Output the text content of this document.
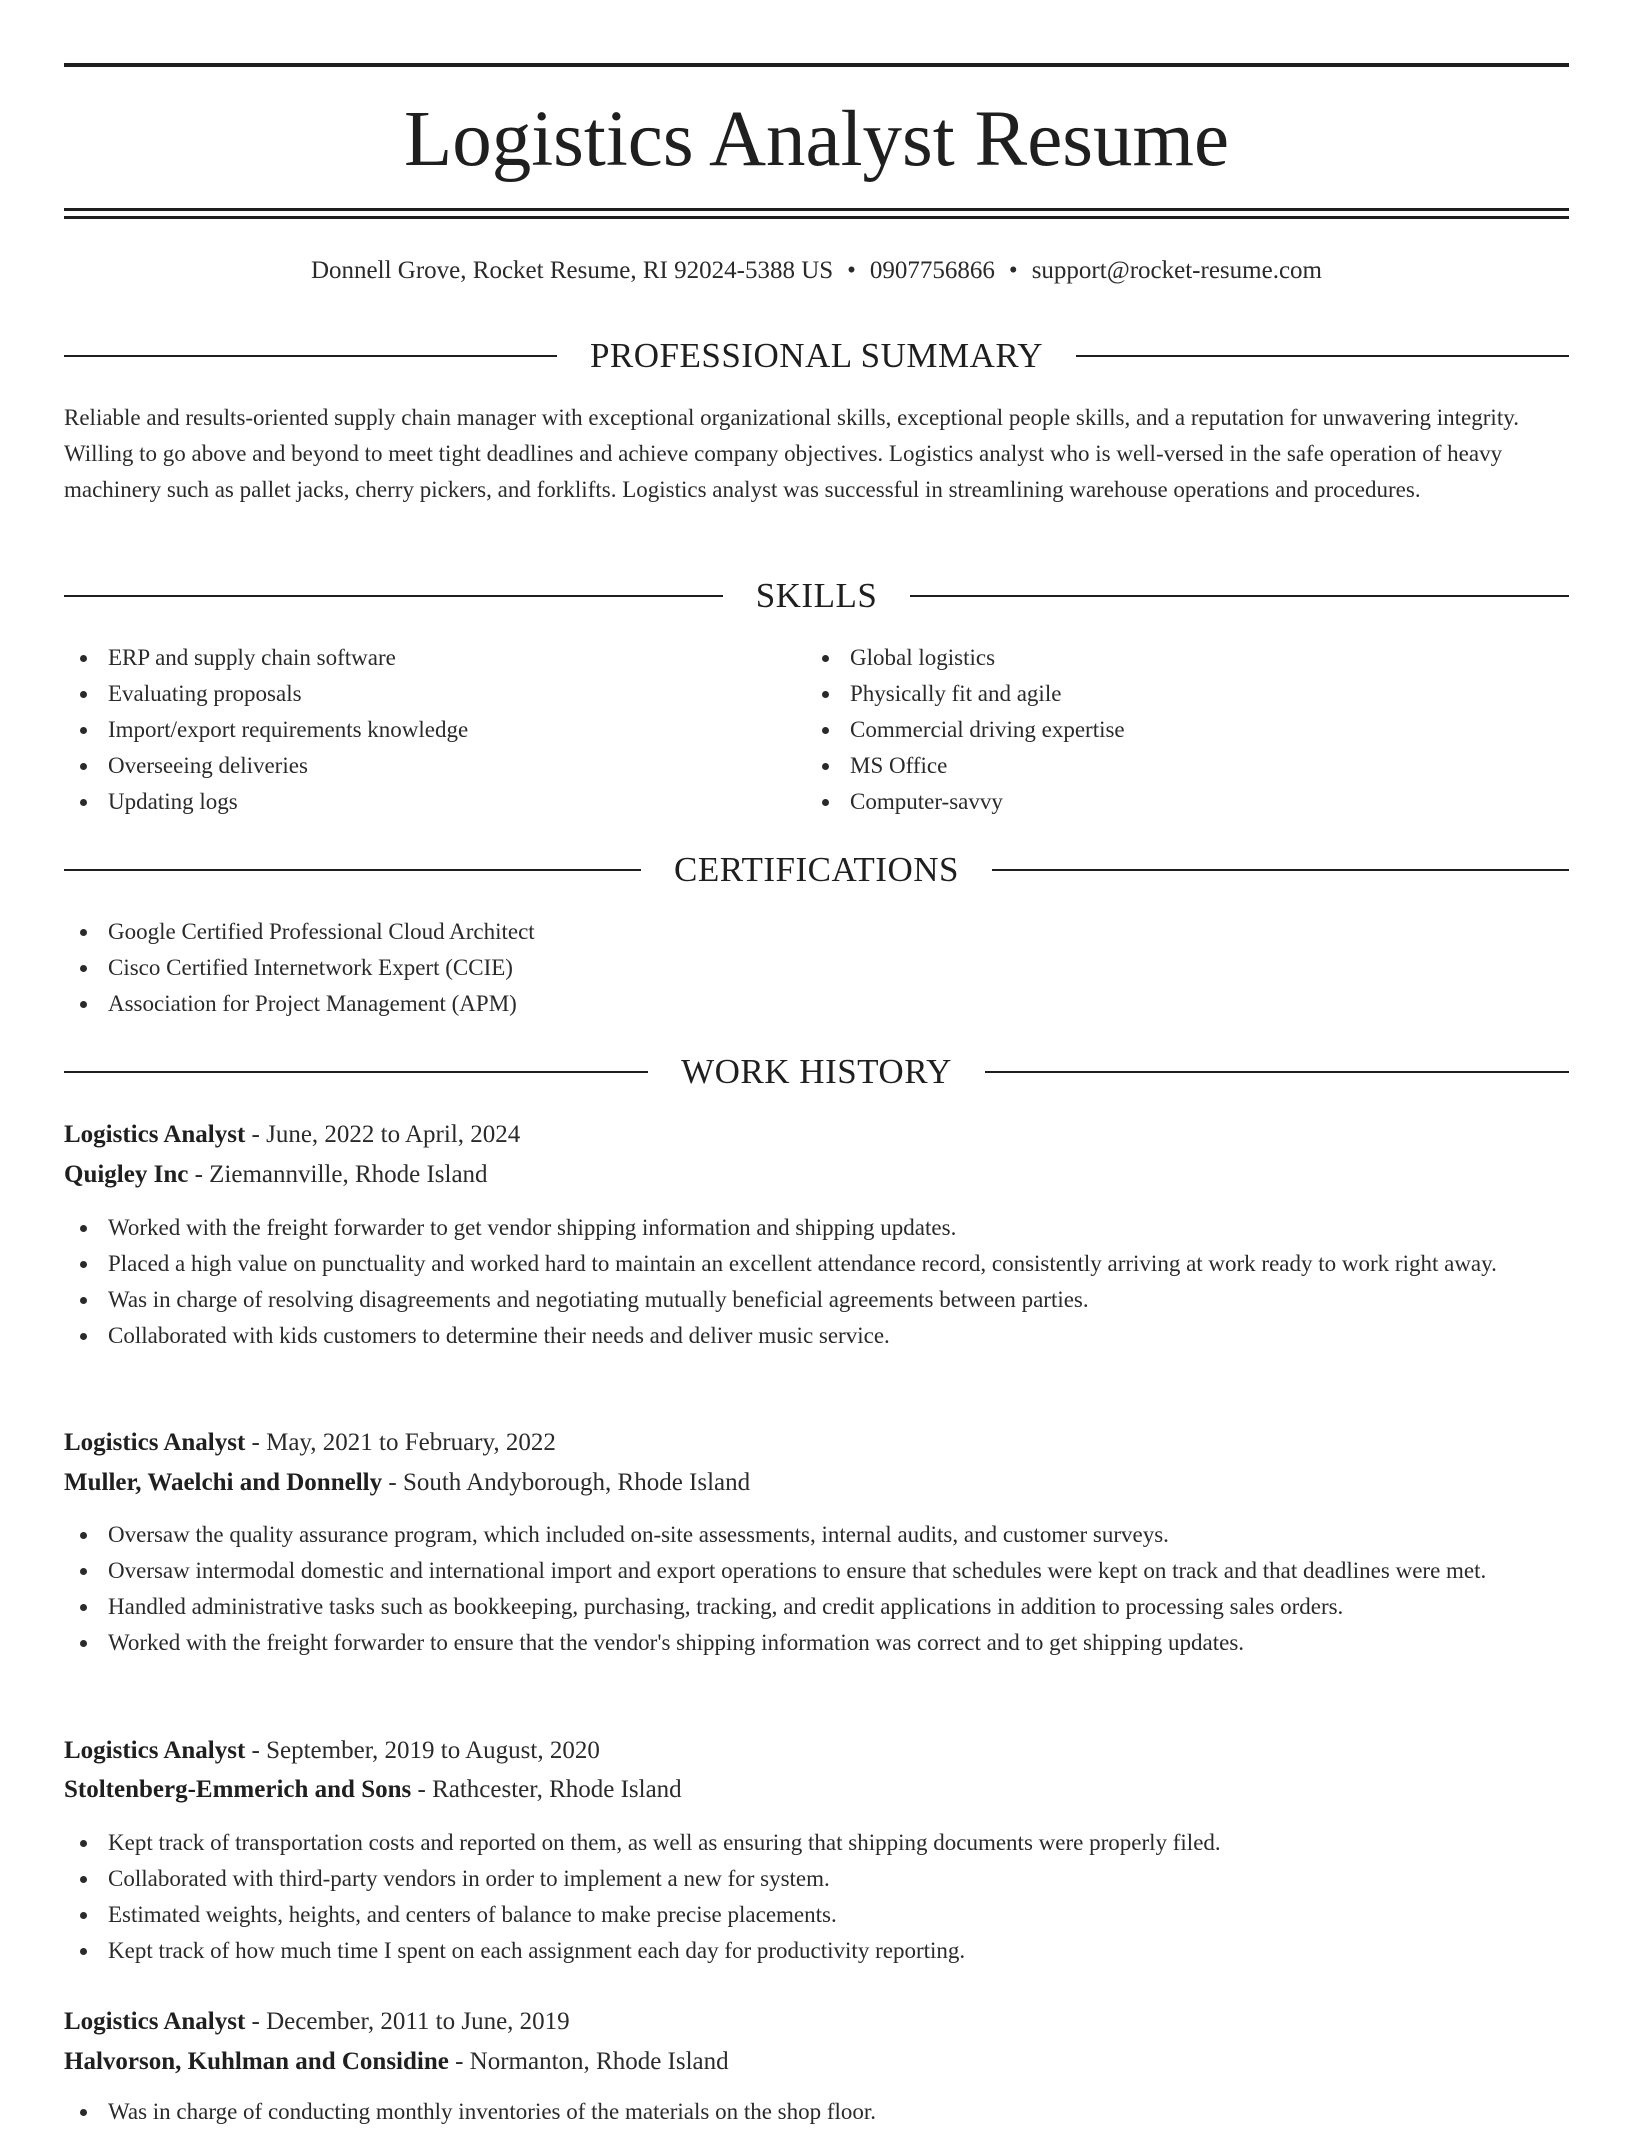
Logistics Analyst Resume
Donnell Grove, Rocket Resume, RI 92024-5388 US • 0907756866 • support@rocket-resume.com
PROFESSIONAL SUMMARY

Reliable and results-oriented supply chain manager with exceptional organizational skills, exceptional people skills, and a reputation for unwavering integrity. Willing to go above and beyond to meet tight deadlines and achieve company objectives. Logistics analyst who is well-versed in the safe operation of heavy machinery such as pallet jacks, cherry pickers, and forklifts. Logistics analyst was successful in streamlining warehouse operations and procedures.

SKILLS
ERP and supply chain software
Evaluating proposals
Import/export requirements knowledge
Overseeing deliveries
Updating logs
Global logistics
Physically fit and agile
Commercial driving expertise
MS Office
Computer-savvy
CERTIFICATIONS
Google Certified Professional Cloud Architect
Cisco Certified Internetwork Expert (CCIE)
Association for Project Management (APM)
WORK HISTORY
Logistics Analyst - June, 2022 to April, 2024
Quigley Inc - Ziemannville, Rhode Island
Worked with the freight forwarder to get vendor shipping information and shipping updates.
Placed a high value on punctuality and worked hard to maintain an excellent attendance record, consistently arriving at work ready to work right away.
Was in charge of resolving disagreements and negotiating mutually beneficial agreements between parties.
Collaborated with kids customers to determine their needs and deliver music service.
Logistics Analyst - May, 2021 to February, 2022
Muller, Waelchi and Donnelly - South Andyborough, Rhode Island
Oversaw the quality assurance program, which included on-site assessments, internal audits, and customer surveys.
Oversaw intermodal domestic and international import and export operations to ensure that schedules were kept on track and that deadlines were met.
Handled administrative tasks such as bookkeeping, purchasing, tracking, and credit applications in addition to processing sales orders.
Worked with the freight forwarder to ensure that the vendor's shipping information was correct and to get shipping updates.
Logistics Analyst - September, 2019 to August, 2020
Stoltenberg-Emmerich and Sons - Rathcester, Rhode Island
Kept track of transportation costs and reported on them, as well as ensuring that shipping documents were properly filed.
Collaborated with third-party vendors in order to implement a new for system.
Estimated weights, heights, and centers of balance to make precise placements.
Kept track of how much time I spent on each assignment each day for productivity reporting.
Logistics Analyst - December, 2011 to June, 2019
Halvorson, Kuhlman and Considine - Normanton, Rhode Island
Was in charge of conducting monthly inventories of the materials on the shop floor.
